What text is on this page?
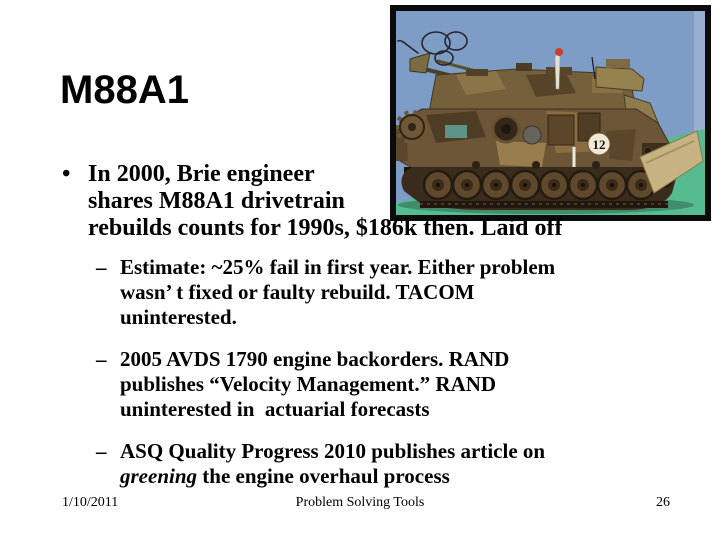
M88A1
12
• In 2000, Brie engineer
shares M88A1 drivetrain
rebuilds counts for 1990s, $186k then. Laid off
– Estimate: ~25% fail in first year. Either problem
wasn’ t fixed or faulty rebuild. TACOM
uninterested.
– 2005 AVDS 1790 engine backorders. RAND
publishes “Velocity Management.” RAND
uninterested in  actuarial forecasts
– ASQ Quality Progress 2010 publishes article on
greening the engine overhaul process
1/10/2011	Problem Solving Tools	26
